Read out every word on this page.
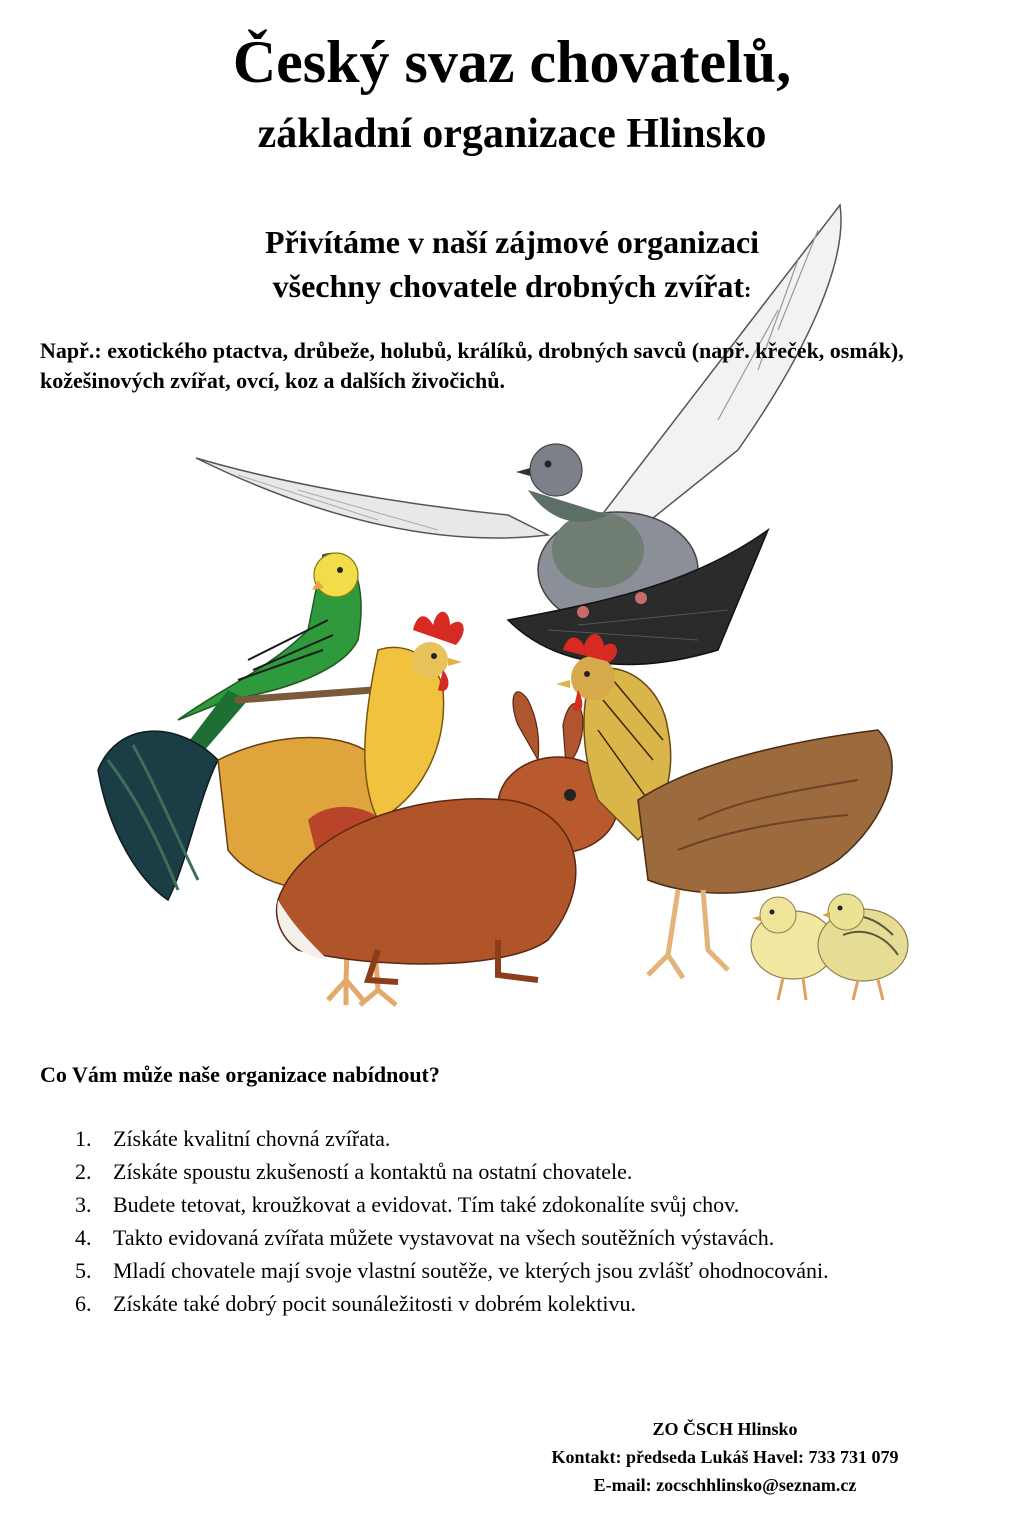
Český svaz chovatelů,
základní organizace Hlinsko
Přivítáme v naší zájmové organizaci
všechny chovatele drobných zvířat:
Např.: exotického ptactva, drůbeže, holubů, králíků, drobných savců (např. křeček, osmák), kožešinových zvířat, ovcí, koz a dalších živočichů.
Co Vám může naše organizace nabídnout?
1. Získáte kvalitní chovná zvířata.
2. Získáte spoustu zkušeností a kontaktů na ostatní chovatele.
3. Budete tetovat, kroužkovat a evidovat. Tím také zdokonalíte svůj chov.
4. Takto evidovaná zvířata můžete vystavovat na všech soutěžních výstavách.
5. Mladí chovatele mají svoje vlastní soutěže, ve kterých jsou zvlášť ohodnocováni.
6. Získáte také dobrý pocit sounáležitosti v dobrém kolektivu.
ZO ČSCH Hlinsko
Kontakt: předseda Lukáš Havel: 733 731 079
E-mail: zocschhlinsko@seznam.cz
